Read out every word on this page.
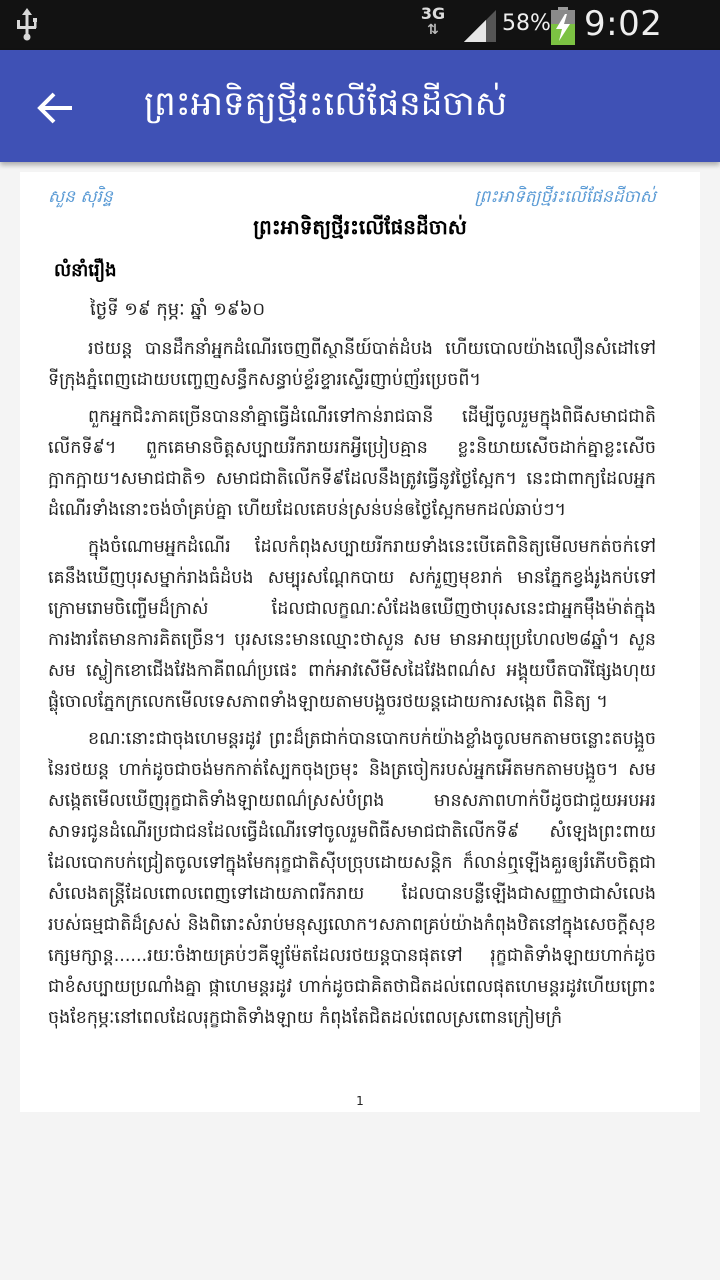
3G
⇅	58% 9:02
ព្រះអាទិត្យថ្មីរះលើផែនដីចាស់
សួន សុរិន្ទ	ព្រះអាទិត្យថ្មីរះលើផែនដីចាស់
ព្រះអាទិត្យថ្មីរះលើផែនដីចាស់
លំនាំរឿង
ថ្ងៃទី ១៩ កុម្ភៈ ឆ្នាំ ១៩៦០

រថយន្ត បានដឹកនាំអ្នកដំណើរចេញពីស្ថានីយ៍បាត់ដំបង ហើយបោលយ៉ាងលឿនសំដៅទៅទីក្រុងភ្នំពេញដោយបញ្ចេញសន្ធឹកសន្ធាប់ខ្ទ័រខ្ទារស្ទើរញាប់ញ័រប្រេចពី។

ពួកអ្នកជិះភាគច្រើនបាននាំគ្នាធ្វើដំណើរទៅកាន់រាជធានី ដើម្បីចូលរួមក្នុងពិធីសមាជជាតិលើកទី៩។ ពួកគេមានចិត្តសប្បាយរីករាយរកអ្វីប្រៀបគ្មាន ខ្លះនិយាយសើចដាក់គ្នាខ្លះសើចក្អាកក្អាយ។សមាជជាតិ១ សមាជជាតិលើកទី៩ដែលនឹងត្រូវធ្វើនូវថ្ងៃស្អែក។ នេះជាពាក្យដែលអ្នកដំណើរទាំងនោះចង់ចាំគ្រប់គ្នា ហើយដែលគេបន់ស្រន់បន់ឲថ្ងៃស្អែកមកដល់ឆាប់ៗ។

ក្នុងចំណោមអ្នកដំណើរ ដែលកំពុងសប្បាយរីករាយទាំងនេះបើគេពិនិត្យមើលមកត់ចក់ទៅ គេនឹងឃើញបុរសម្នាក់រាងធំដំបង សម្បុរសណ្តែកបាយ សក់រួញមុខរាក់ មានភ្នែកខ្វង់រូងកប់ទៅក្រោមរោមចិញ្ចើមដ៏ក្រាស់ ដែលជាលក្ខណៈសំដែងឲឃើញថាបុរសនេះជាអ្នកម៉ឹងម៉ាត់ក្នុងការងារតែមានការគិតច្រើន។ បុរសនេះមានឈ្មោះថាសួន សម មានអាយុប្រហែល២៨ឆ្នាំ។ សួន សម ស្លៀកខោជើងវែងកាគីពណ៌ប្រផេះ ពាក់អាវសើមីសដៃវែងពណ៌ស អង្គុយបឹតបារីផ្សែងហុយផ្លុំចោលភ្នែកក្រលេកមើលទេសភាពទាំងឡាយតាមបង្អួចរថយន្តដោយការសង្កេត ពិនិត្យ ។

ខណៈនោះជាចុងហេមន្តរដូវ ព្រះដ៏ត្រជាក់បានបោកបក់យ៉ាងខ្លាំងចូលមកតាមចន្លោះតបង្អួចនៃរថយន្ត ហាក់ដូចជាចង់មកកាត់ស្បែកចុងច្រមុះ និងត្រចៀករបស់អ្នកអើតមកតាមបង្អួច។ សម សង្កេតមើលឃើញរុក្ខជាតិទាំងឡាយពណ៌ស្រស់បំព្រង មានសភាពហាក់បីដូចជាជួយអបអរសាទរជូនដំណើរប្រជាជនដែលធ្វើដំណើរទៅចូលរួមពិធីសមាជជាតិលើកទី៩ សំឡេងព្រះពាយដែលបោកបក់ជ្រៀតចូលទៅក្នុងមែករុក្ខជាតិស៊ីបច្រុបដោយសន្តិក ក៏លាន់ឮឡើងគួរឲ្យរំភើបចិត្តជាសំលេងតន្ត្រីដែលពោលពេញទៅដោយភាពរីករាយ ដែលបានបន្លឺឡើងជាសញ្ញាថាជាសំលេងរបស់ធម្មជាតិដ៏ស្រស់ និងពិរោះសំរាប់មនុស្សលោក។សភាពគ្រប់យ៉ាងកំពុងឋិតនៅក្នុងសេចក្តីសុខក្សេមក្សាន្ត......រយៈចំងាយគ្រប់ៗគីឡូម៉ែតដែលរថយន្តបានផុតទៅ រុក្ខជាតិទាំងឡាយហាក់ដូចជាខំសប្បាយប្រណាំងគ្នា ផ្កាហេមន្តរដូវ ហាក់ដូចជាគិតថាជិតដល់ពេលផុតហេមន្តរដូវហើយព្រោះចុងខែកុម្ភៈនៅពេលដែលរុក្ខជាតិទាំងឡាយ កំពុងតែជិតដល់ពេលស្រពោនក្រៀមក្រំ

1
